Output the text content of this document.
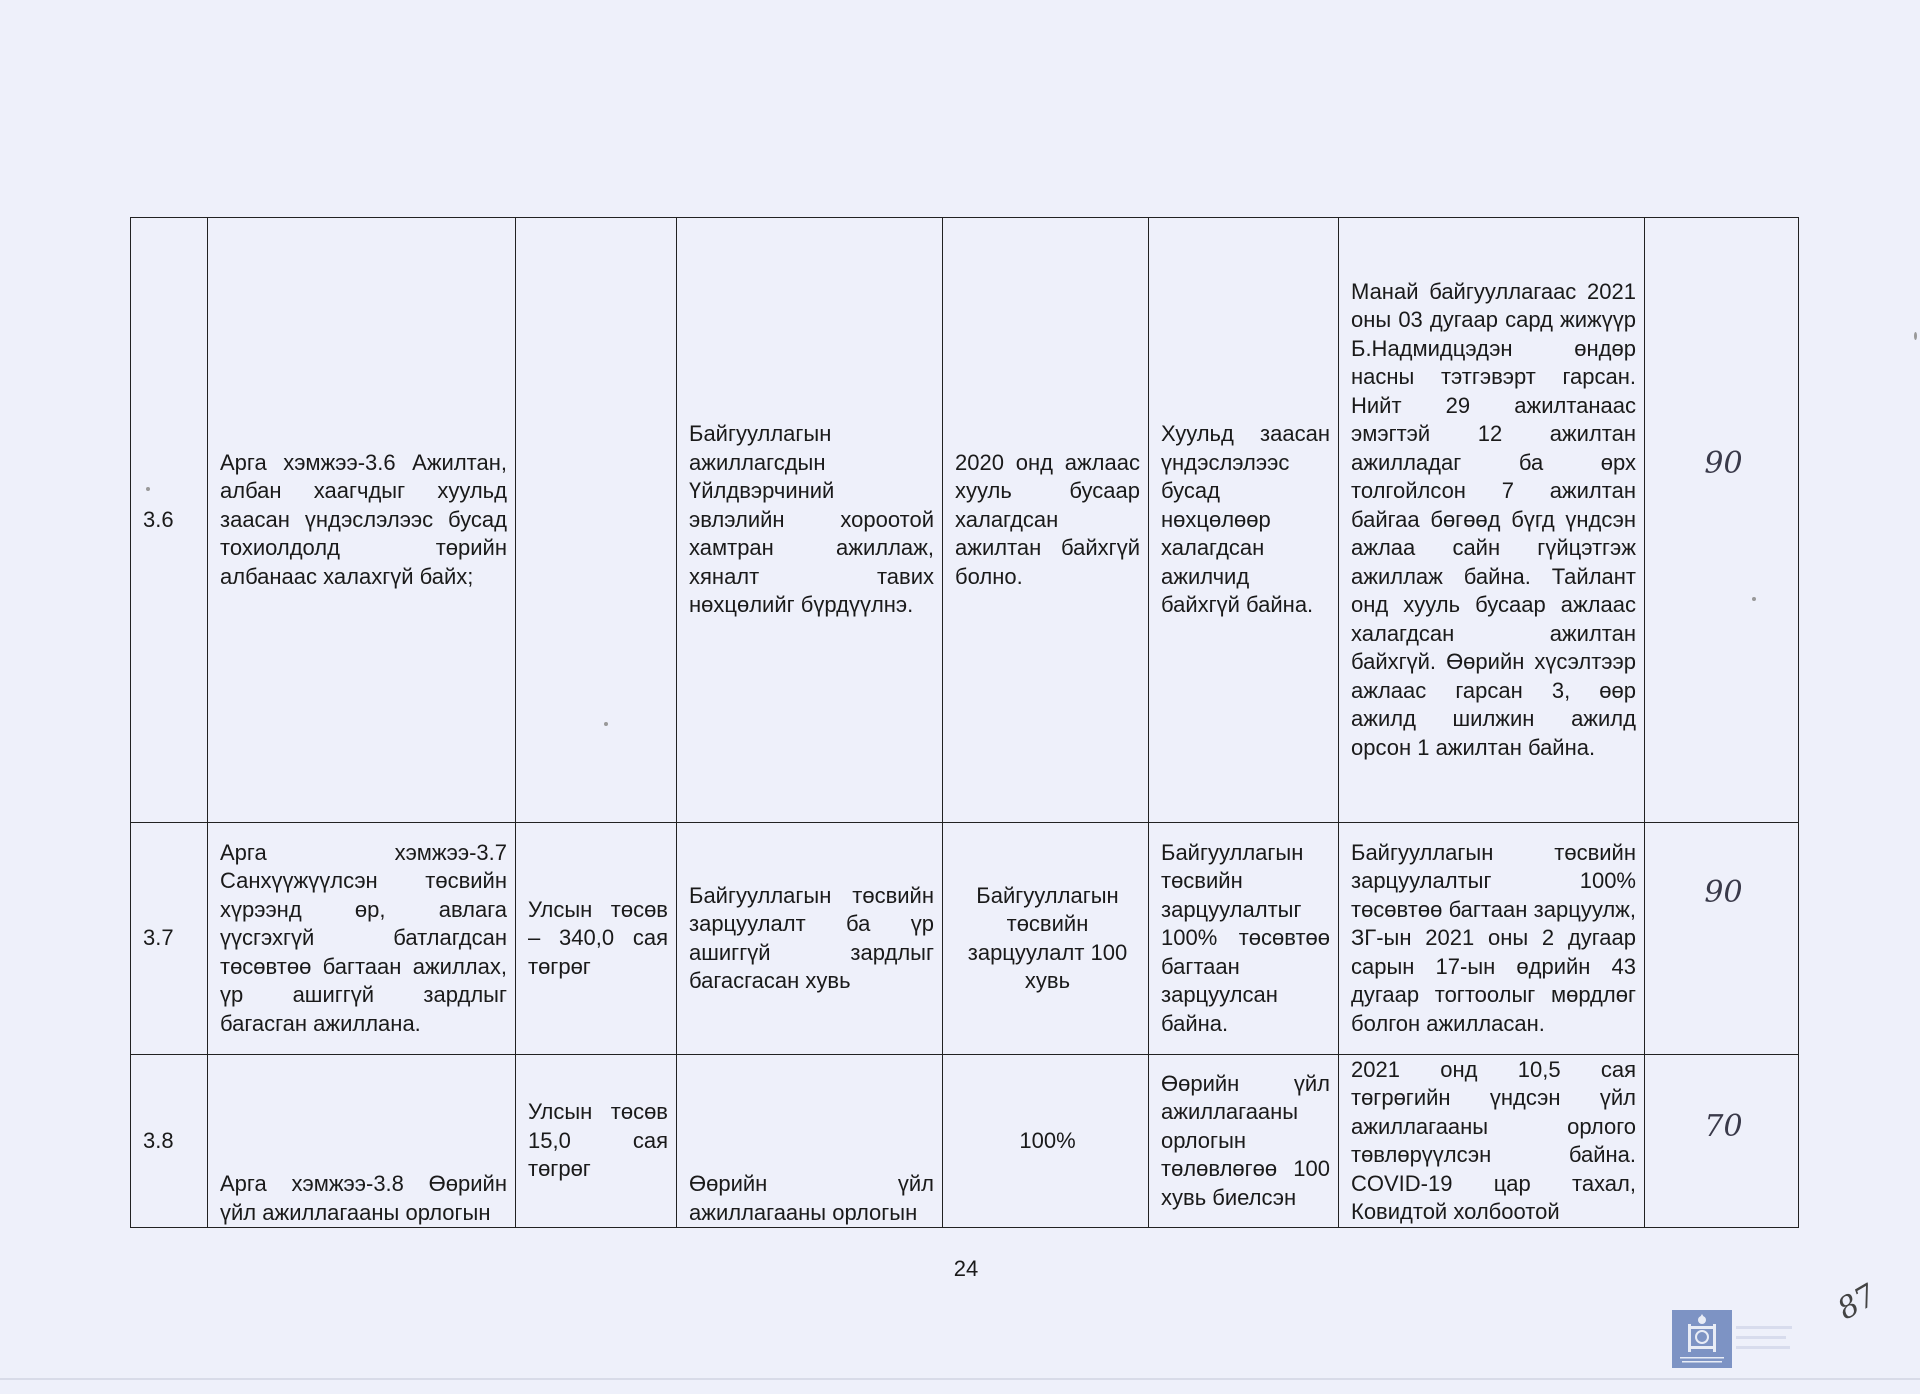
3.6	Арга хэмжээ-3.6 Ажилтан, албан хаагчдыг хуульд заасан үндэслэлээс бусад тохиолдолд төрийн албанаас халахгүй байх;		Байгууллагын ажиллагсдын Үйлдвэрчиний эвлэлийн хороотой хамтран ажиллаж, хяналт тавих нөхцөлийг бүрдүүлнэ.	2020 онд ажлаас хууль бусаар халагдсан ажилтан байхгүй болно.	Хуульд заасан үндэслэлээс бусад нөхцөлөөр халагдсан ажилчид байхгүй байна.	Манай байгууллагаас 2021 оны 03 дугаар сард жижүүр Б.Надмидцэдэн өндөр насны тэтгэвэрт гарсан. Нийт 29 ажилтанаас эмэгтэй 12 ажилтан ажилладаг ба өрх толгойлсон 7 ажилтан байгаа бөгөөд бүгд үндсэн ажлаа сайн гүйцэтгэж ажиллаж байна. Тайлант онд хууль бусаар ажлаас халагдсан ажилтан байхгүй. Өөрийн хүсэлтээр ажлаас гарсан 3, өөр ажилд шилжин ажилд орсон 1 ажилтан байна.	90

3.7	Арга хэмжээ-3.7 Санхүүжүүлсэн төсвийн хүрээнд өр, авлага үүсгэхгүй батлагдсан төсөвтөө багтаан ажиллах, үр ашиггүй зардлыг багасган ажиллана.	Улсын төсөв – 340,0 сая төгрөг	Байгууллагын төсвийн зарцуулалт ба үр ашиггүй зардлыг багасгасан хувь	Байгууллагын төсвийн зарцуулалт 100 хувь	Байгууллагын төсвийн зарцуулалтыг 100% төсөвтөө багтаан зарцуулсан байна.	Байгууллагын төсвийн зарцуулалтыг 100% төсөвтөө багтаан зарцуулж, ЗГ-ын 2021 оны 2 дугаар сарын 17-ын өдрийн 43 дугаар тогтоолыг мөрдлөг болгон ажилласан.	90

3.8	Арга хэмжээ-3.8 Өөрийн үйл ажиллагааны орлогын	Улсын төсөв 15,0 сая төгрөг	Өөрийн үйл ажиллагааны орлогын	100%	Өөрийн үйл ажиллагааны орлогын төлөвлөгөө 100 хувь биелсэн	2021 онд 10,5 сая төгрөгийн үндсэн үйл ажиллагааны орлого төвлөрүүлсэн байна. COVID-19 цар тахал, Ковидтой холбоотой	70
24
87
